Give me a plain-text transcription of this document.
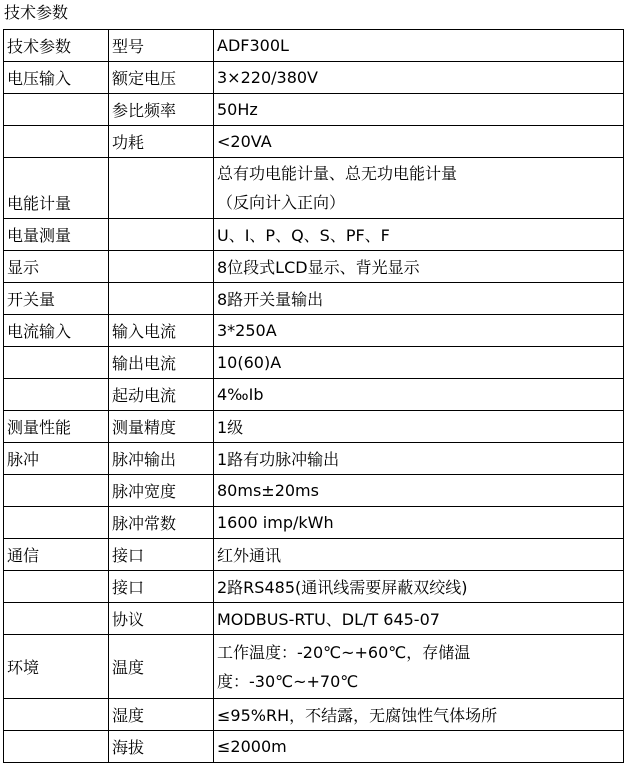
技术参数
技术参数	型号	ADF300L
电压输入	额定电压	3×220/380V
	参比频率	50Hz
	功耗	<20VA
电能计量		总有功电能计量、总无功电能计量
（反向计入正向）

电量测量		U、I、P、Q、S、PF、F
显示		8位段式LCD显示、背光显示
开关量		8路开关量输出
电流输入	输入电流	3*250A
	输出电流	10(60)A
	起动电流	4‰Ib
测量性能	测量精度	1级
脉冲	脉冲输出	1路有功脉冲输出
	脉冲宽度	80ms±20ms
	脉冲常数	1600 imp/kWh
通信	接口	红外通讯
	接口	2路RS485(通讯线需要屏蔽双绞线)
	协议	MODBUS-RTU、DL/T 645-07
环境	温度	工作温度：-20℃~+60℃，存储温
度：-30℃~+70℃

	湿度	≤95%RH，不结露，无腐蚀性气体场所
	海拔	≤2000m
